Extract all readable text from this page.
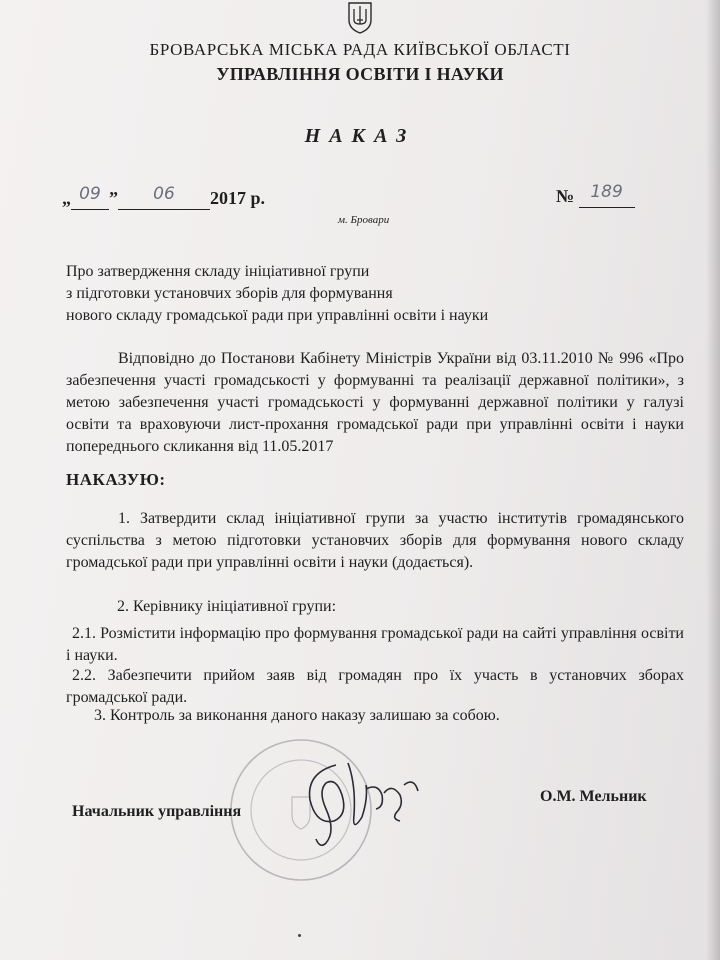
БРОВАРСЬКА МІСЬКА РАДА КИЇВСЬКОЇ ОБЛАСТІ

УПРАВЛІННЯ ОСВІТИ І НАУКИ

НАКАЗ

„ 09 ” 06 2017 р.	№ 189

м. Бровари

Про затвердження складу ініціативної групи
з підготовки установчих зборів для формування
нового складу громадської ради при управлінні освіти і науки

Відповідно до Постанови Кабінету Міністрів України від 03.11.2010 № 996 «Про забезпечення участі громадськості у формуванні та реалізації державної політики», з метою забезпечення участі громадськості у формуванні державної політики у галузі освіти та враховуючи лист-прохання громадської ради при управлінні освіти і науки попереднього скликання від 11.05.2017

НАКАЗУЮ:

1. Затвердити склад ініціативної групи за участю інститутів громадянського суспільства з метою підготовки установчих зборів для формування нового складу громадської ради при управлінні освіти і науки (додається).

2. Керівнику ініціативної групи:

2.1. Розмістити інформацію про формування громадської ради на сайті управління освіти і науки.

2.2. Забезпечити прийом заяв від громадян про їх участь в установчих зборах громадської ради.

3. Контроль за виконання даного наказу залишаю за собою.

Начальник управління

О.М. Мельник
